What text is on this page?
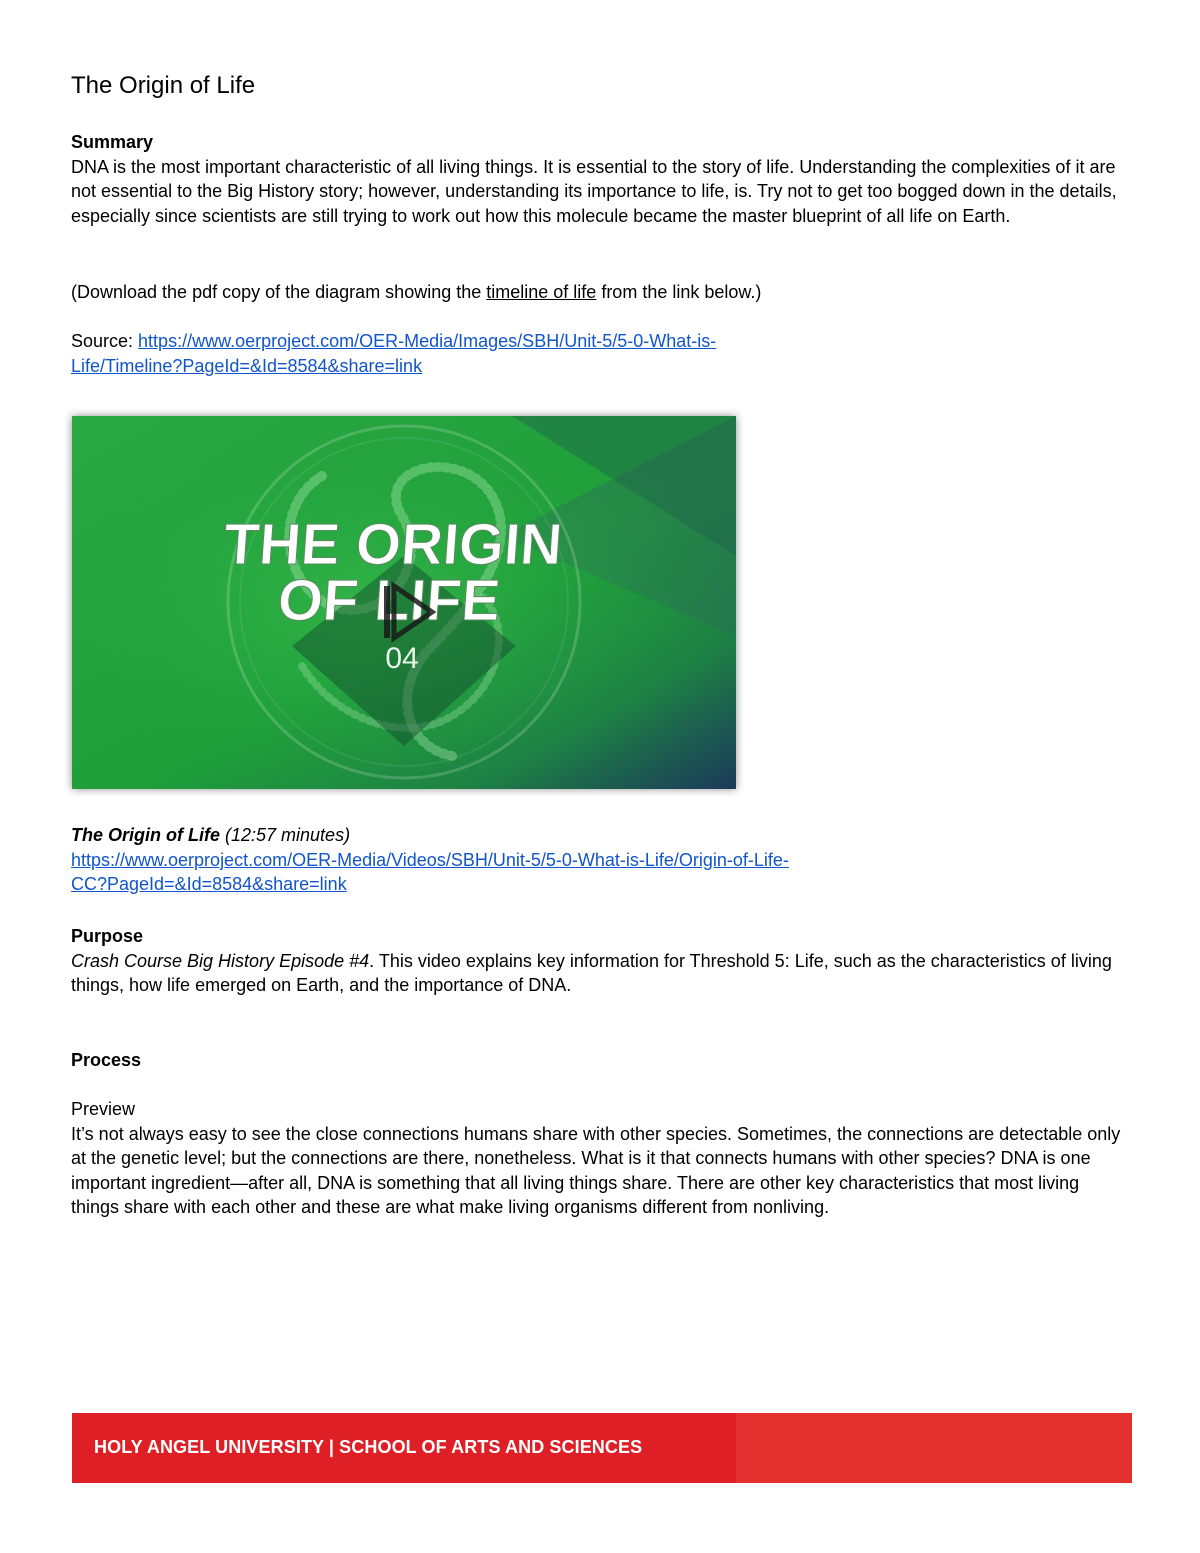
The Origin of Life

Summary

DNA is the most important characteristic of all living things. It is essential to the story of life. Understanding the complexities of it are not essential to the Big History story; however, understanding its importance to life, is. Try not to get too bogged down in the details, especially since scientists are still trying to work out how this molecule became the master blueprint of all life on Earth.

(Download the pdf copy of the diagram showing the timeline of life from the link below.)

Source: https://www.oerproject.com/OER-Media/Images/SBH/Unit-5/5-0-What-is-

Life/Timeline?PageId=&Id=8584&share=link

THE ORIGIN
OF LIFE
04

The Origin of Life (12:57 minutes)

https://www.oerproject.com/OER-Media/Videos/SBH/Unit-5/5-0-What-is-Life/Origin-of-Life-

CC?PageId=&Id=8584&share=link

Purpose

Crash Course Big History Episode #4. This video explains key information for Threshold 5: Life, such as the characteristics of living things, how life emerged on Earth, and the importance of DNA.

Process

Preview

It’s not always easy to see the close connections humans share with other species. Sometimes, the connections are detectable only at the genetic level; but the connections are there, nonetheless. What is it that connects humans with other species? DNA is one important ingredient—after all, DNA is something that all living things share. There are other key characteristics that most living things share with each other and these are what make living organisms different from nonliving.

HOLY ANGEL UNIVERSITY | SCHOOL OF ARTS AND SCIENCES
